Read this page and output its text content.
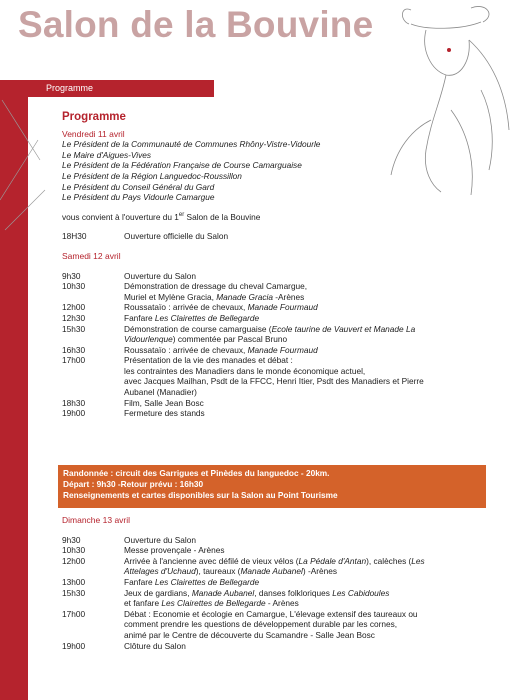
Salon de la Bouvine
Programme
Programme
Vendredi 11 avril
Le Président de la Communauté de Communes Rhôny-Vistre-Vidourle
Le Maire d'Aigues-Vives
Le Président de la Fédération Française de Course Camarguaise
Le Président de la Région Languedoc-Roussillon
Le Président du Conseil Général du Gard
Le Président du Pays Vidourle Camargue
vous convient à l'ouverture du 1er Salon de la Bouvine
18H30	Ouverture officielle du Salon
Samedi 12 avril
9h30	Ouverture du Salon
10h30	Démonstration de dressage du cheval Camargue,
Muriel et Mylène Gracia, Manade Gracia -Arènes
12h00	Roussataïo : arrivée de chevaux, Manade Fourmaud
12h30	Fanfare Les Clairettes de Bellegarde
15h30	Démonstration de course camarguaise (Ecole taurine de Vauvert et Manade La
Vidourlenque) commentée par Pascal Bruno
16h30	Roussataïo : arrivée de chevaux, Manade Fourmaud
17h00	Présentation de la vie des manades et débat :
les contraintes des Manadiers dans le monde économique actuel,
avec Jacques Mailhan, Psdt de la FFCC, Henri Itier, Psdt des Manadiers et Pierre
Aubanel (Manadier)
18h30	Film, Salle Jean Bosc
19h00	Fermeture des stands
Randonnée : circuit des Garrigues et Pinèdes du languedoc - 20km.
Départ : 9h30 -Retour prévu : 16h30
Renseignements et cartes disponibles sur la Salon au Point Tourisme
Dimanche 13 avril
9h30	Ouverture du Salon
10h30	Messe provençale - Arènes
12h00	Arrivée à l'ancienne avec défilé de vieux vélos (La Pédale d'Antan), calèches (Les
Attelages d'Uchaud), taureaux (Manade Aubanel) -Arènes
13h00	Fanfare Les Clairettes de Bellegarde
15h30	Jeux de gardians, Manade Aubanel, danses folkloriques Les Cabidoules
et fanfare Les Clairettes de Bellegarde - Arènes
17h00	Débat : Economie et écologie en Camargue, L'élevage extensif des taureaux ou
comment prendre les questions de développement durable par les cornes,
animé par le Centre de découverte du Scamandre - Salle Jean Bosc
19h00	Clôture du Salon
